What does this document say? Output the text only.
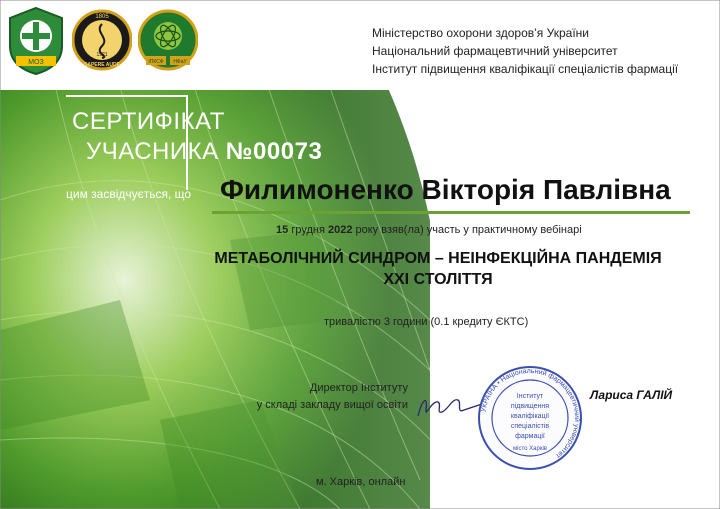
МОЗ
1805
1921
SAPERE AUDE	ІПКСФ НФаУ
Міністерство охорони здоров’я України
Національний фармацевтичний університет
Інститут підвищення кваліфікації спеціалістів фармації
СЕРТИФІКАТ
УЧАСНИКА №00073
цим засвідчується, що Филимоненко Вікторія Павлівна
15 грудня 2022 року взяв(ла) участь у практичному вебінарі
МЕТАБОЛІЧНИЙ СИНДРОМ – НЕІНФЕКЦІЙНА ПАНДЕМІЯ
XXI СТОЛІТТЯ
тривалістю 3 години (0.1 кредиту ЄКТС)
Директор Інституту
у складі закладу вищої освіти	УКРАЇНА • Національний фармацевтичний університет
Інститут
підвищення
кваліфікації
спеціалістів
фармації
місто Харків
Лариса ГАЛІЙ
м. Харків, онлайн
